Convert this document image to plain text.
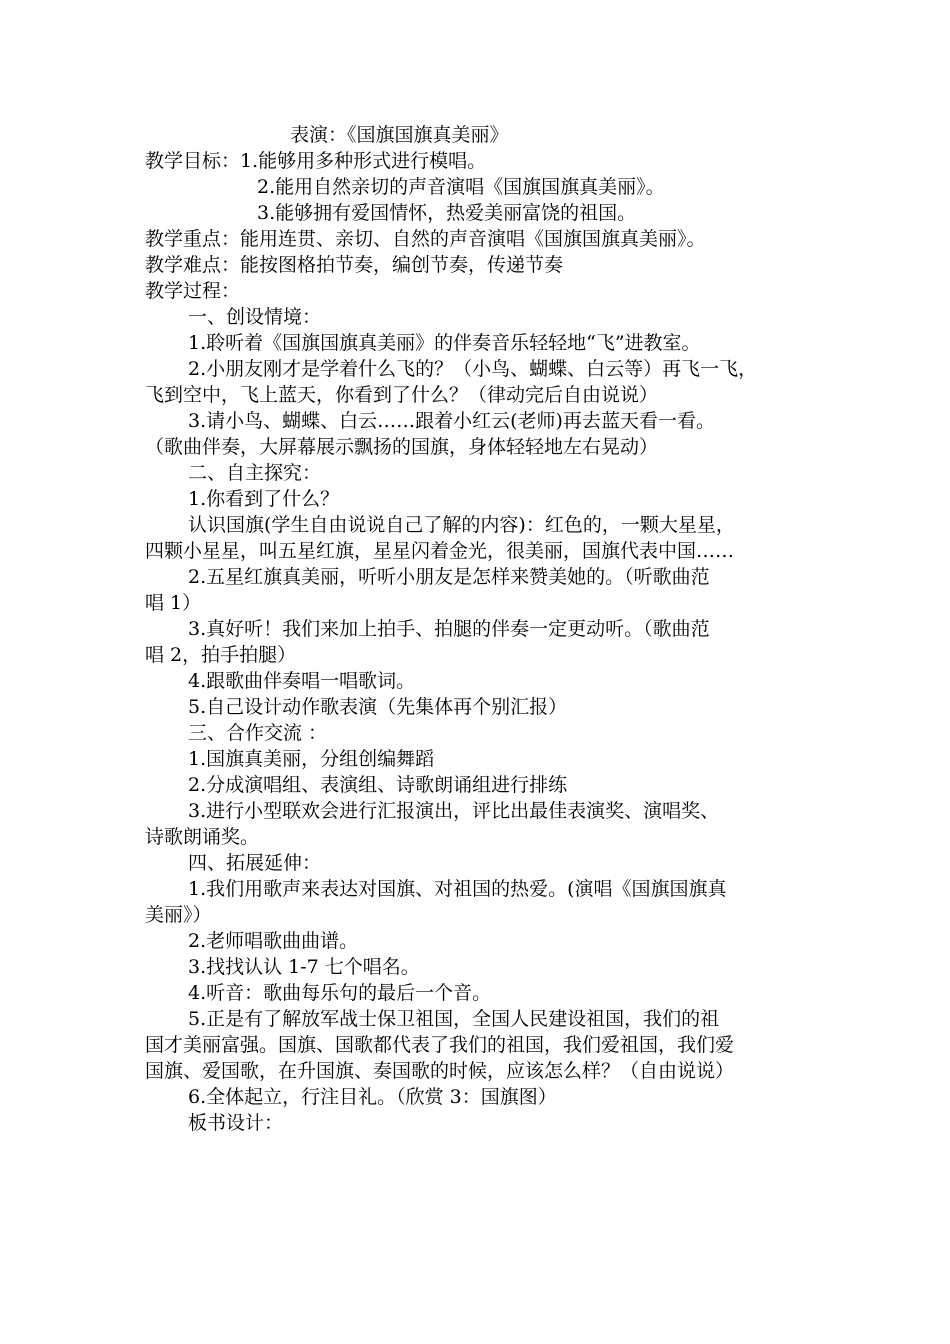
表演：《国旗国旗真美丽》
教学目标：1.能够用多种形式进行模唱。
2.能用自然亲切的声音演唱《国旗国旗真美丽》。
3.能够拥有爱国情怀，热爱美丽富饶的祖国。
教学重点：能用连贯、亲切、自然的声音演唱《国旗国旗真美丽》。
教学难点：能按图格拍节奏，编创节奏，传递节奏
教学过程：
一、创设情境：
1.聆听着《国旗国旗真美丽》的伴奏音乐轻轻地“飞”进教室。
2.小朋友刚才是学着什么飞的？（小鸟、蝴蝶、白云等）再飞一飞，
飞到空中，飞上蓝天，你看到了什么？（律动完后自由说说）
3.请小鸟、蝴蝶、白云……跟着小红云(老师)再去蓝天看一看。
（歌曲伴奏，大屏幕展示飘扬的国旗，身体轻轻地左右晃动）
二、自主探究：
1.你看到了什么？
认识国旗(学生自由说说自己了解的内容)：红色的，一颗大星星，
四颗小星星，叫五星红旗，星星闪着金光，很美丽，国旗代表中国……
2.五星红旗真美丽，听听小朋友是怎样来赞美她的。（听歌曲范
唱 1）
3.真好听！我们来加上拍手、拍腿的伴奏一定更动听。（歌曲范
唱 2，拍手拍腿）
4.跟歌曲伴奏唱一唱歌词。
5.自己设计动作歌表演（先集体再个别汇报）
三、合作交流 ：
1.国旗真美丽，分组创编舞蹈
2.分成演唱组、表演组、诗歌朗诵组进行排练
3.进行小型联欢会进行汇报演出，评比出最佳表演奖、演唱奖、
诗歌朗诵奖。
四、拓展延伸：
1.我们用歌声来表达对国旗、对祖国的热爱。(演唱《国旗国旗真
美丽》）
2.老师唱歌曲曲谱。
3.找找认认 1-7 七个唱名。
4.听音：歌曲每乐句的最后一个音。
5.正是有了解放军战士保卫祖国，全国人民建设祖国，我们的祖
国才美丽富强。国旗、国歌都代表了我们的祖国，我们爱祖国，我们爱
国旗、爱国歌，在升国旗、奏国歌的时候，应该怎么样？（自由说说）
6.全体起立，行注目礼。（欣赏 3：国旗图）
板书设计：
